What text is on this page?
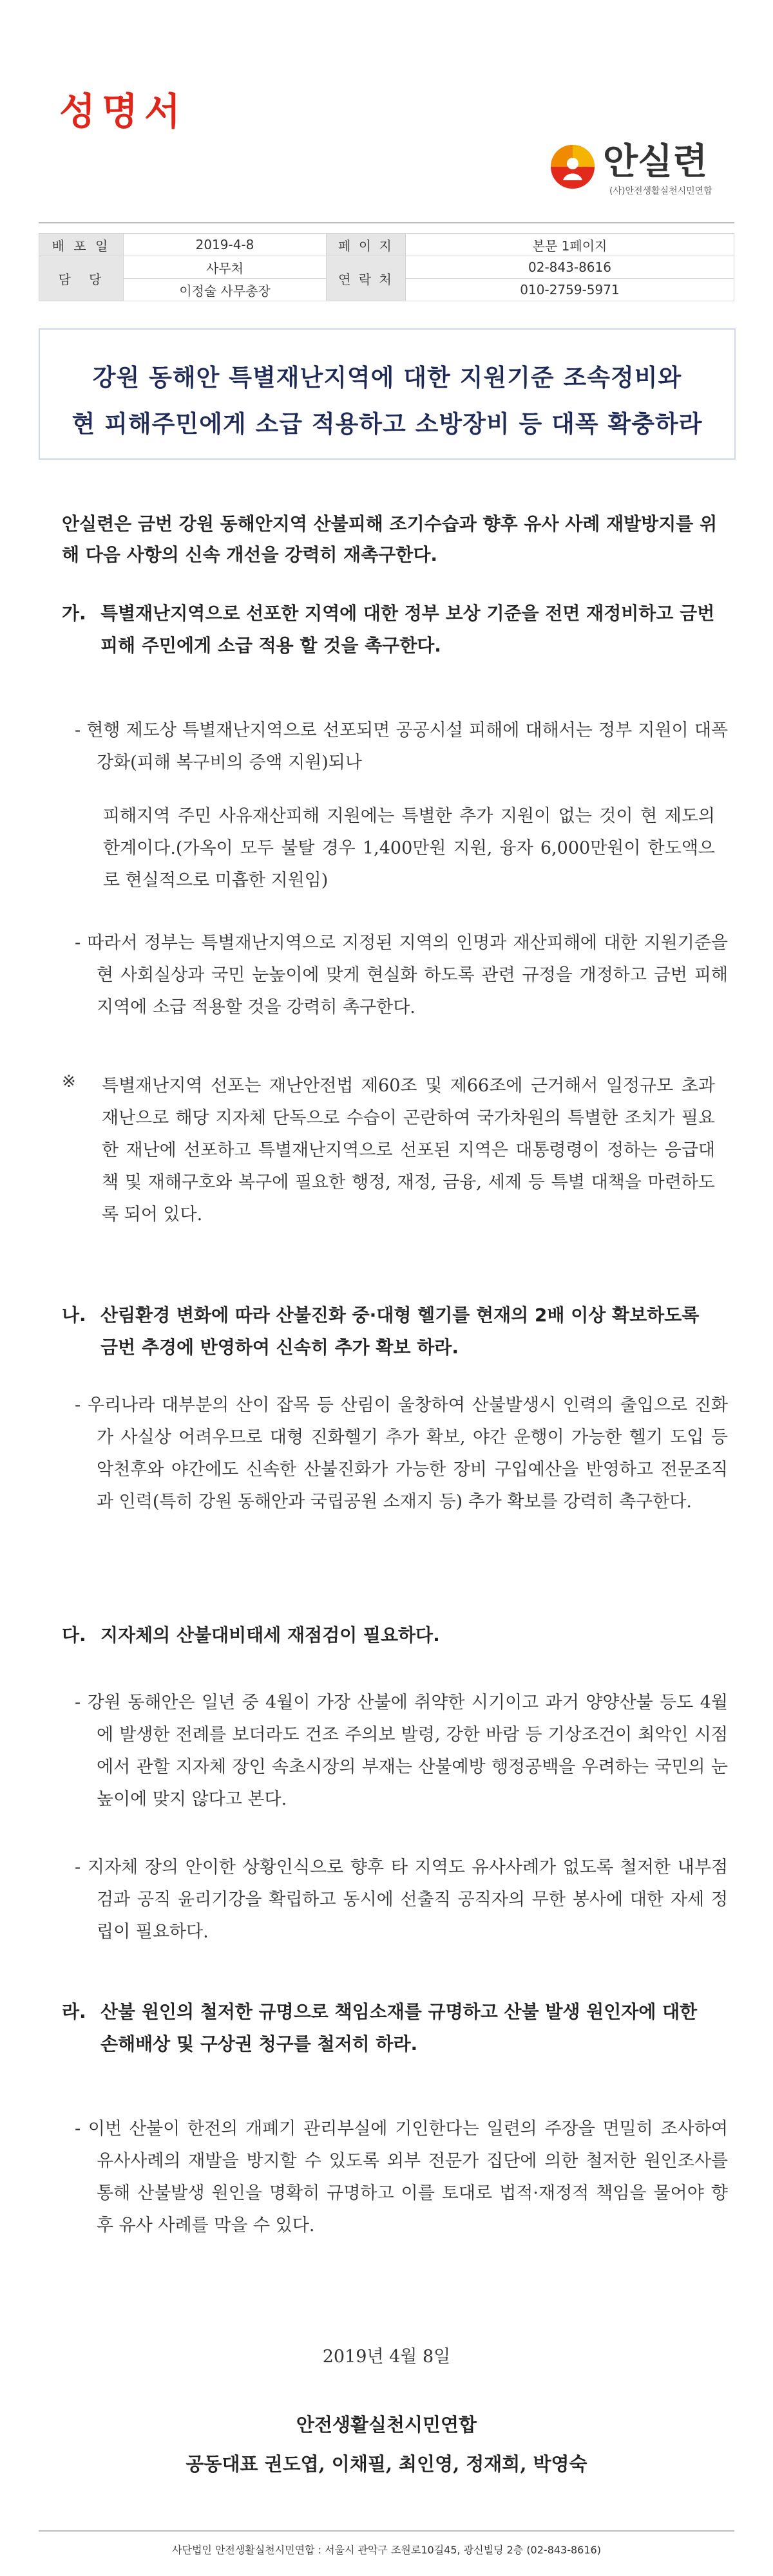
성명서
안실련
(사)안전생활실천시민연합
배 포 일	2019-4-8	페 이 지	본문 1페이지
담　당	사무처	연 락 처	02-843-8616
	이정술 사무총장		010-2759-5971
강원 동해안 특별재난지역에 대한 지원기준 조속정비와
현 피해주민에게 소급 적용하고 소방장비 등 대폭 확충하라
안실련은 금번 강원 동해안지역 산불피해 조기수습과 향후 유사 사례 재발방지를 위해 다음 사항의 신속 개선을 강력히 재촉구한다.
가. 특별재난지역으로 선포한 지역에 대한 정부 보상 기준을 전면 재정비하고 금번 피해 주민에게 소급 적용 할 것을 촉구한다.
- 현행 제도상 특별재난지역으로 선포되면 공공시설 피해에 대해서는 정부 지원이 대폭 강화(피해 복구비의 증액 지원)되나
피해지역 주민 사유재산피해 지원에는 특별한 추가 지원이 없는 것이 현 제도의 한계이다.(가옥이 모두 불탈 경우 1,400만원 지원, 융자 6,000만원이 한도액으로 현실적으로 미흡한 지원임)
- 따라서 정부는 특별재난지역으로 지정된 지역의 인명과 재산피해에 대한 지원기준을 현 사회실상과 국민 눈높이에 맞게 현실화 하도록 관련 규정을 개정하고 금번 피해지역에 소급 적용할 것을 강력히 촉구한다.
※ 특별재난지역 선포는 재난안전법 제60조 및 제66조에 근거해서 일정규모 초과 재난으로 해당 지자체 단독으로 수습이 곤란하여 국가차원의 특별한 조치가 필요한 재난에 선포하고 특별재난지역으로 선포된 지역은 대통령령이 정하는 응급대책 및 재해구호와 복구에 필요한 행정, 재정, 금융, 세제 등 특별 대책을 마련하도록 되어 있다.
나. 산림환경 변화에 따라 산불진화 중·대형 헬기를 현재의 2배 이상 확보하도록 금번 추경에 반영하여 신속히 추가 확보 하라.
- 우리나라 대부분의 산이 잡목 등 산림이 울창하여 산불발생시 인력의 출입으로 진화가 사실상 어려우므로 대형 진화헬기 추가 확보, 야간 운행이 가능한 헬기 도입 등 악천후와 야간에도 신속한 산불진화가 가능한 장비 구입예산을 반영하고 전문조직과 인력(특히 강원 동해안과 국립공원 소재지 등) 추가 확보를 강력히 촉구한다.
다. 지자체의 산불대비태세 재점검이 필요하다.
- 강원 동해안은 일년 중 4월이 가장 산불에 취약한 시기이고 과거 양양산불 등도 4월에 발생한 전례를 보더라도 건조 주의보 발령, 강한 바람 등 기상조건이 최악인 시점에서 관할 지자체 장인 속초시장의 부재는 산불예방 행정공백을 우려하는 국민의 눈높이에 맞지 않다고 본다.
- 지자체 장의 안이한 상황인식으로 향후 타 지역도 유사사례가 없도록 철저한 내부점검과 공직 윤리기강을 확립하고 동시에 선출직 공직자의 무한 봉사에 대한 자세 정립이 필요하다.
라. 산불 원인의 철저한 규명으로 책임소재를 규명하고 산불 발생 원인자에 대한 손해배상 및 구상권 청구를 철저히 하라.
- 이번 산불이 한전의 개폐기 관리부실에 기인한다는 일련의 주장을 면밀히 조사하여 유사사례의 재발을 방지할 수 있도록 외부 전문가 집단에 의한 철저한 원인조사를 통해 산불발생 원인을 명확히 규명하고 이를 토대로 법적·재정적 책임을 물어야 향후 유사 사례를 막을 수 있다.
2019년 4월 8일
안전생활실천시민연합
공동대표 권도엽, 이채필, 최인영, 정재희, 박영숙
사단법인 안전생활실천시민연합 : 서울시 관악구 조원로10길45, 광신빌딩 2층 (02-843-8616)
